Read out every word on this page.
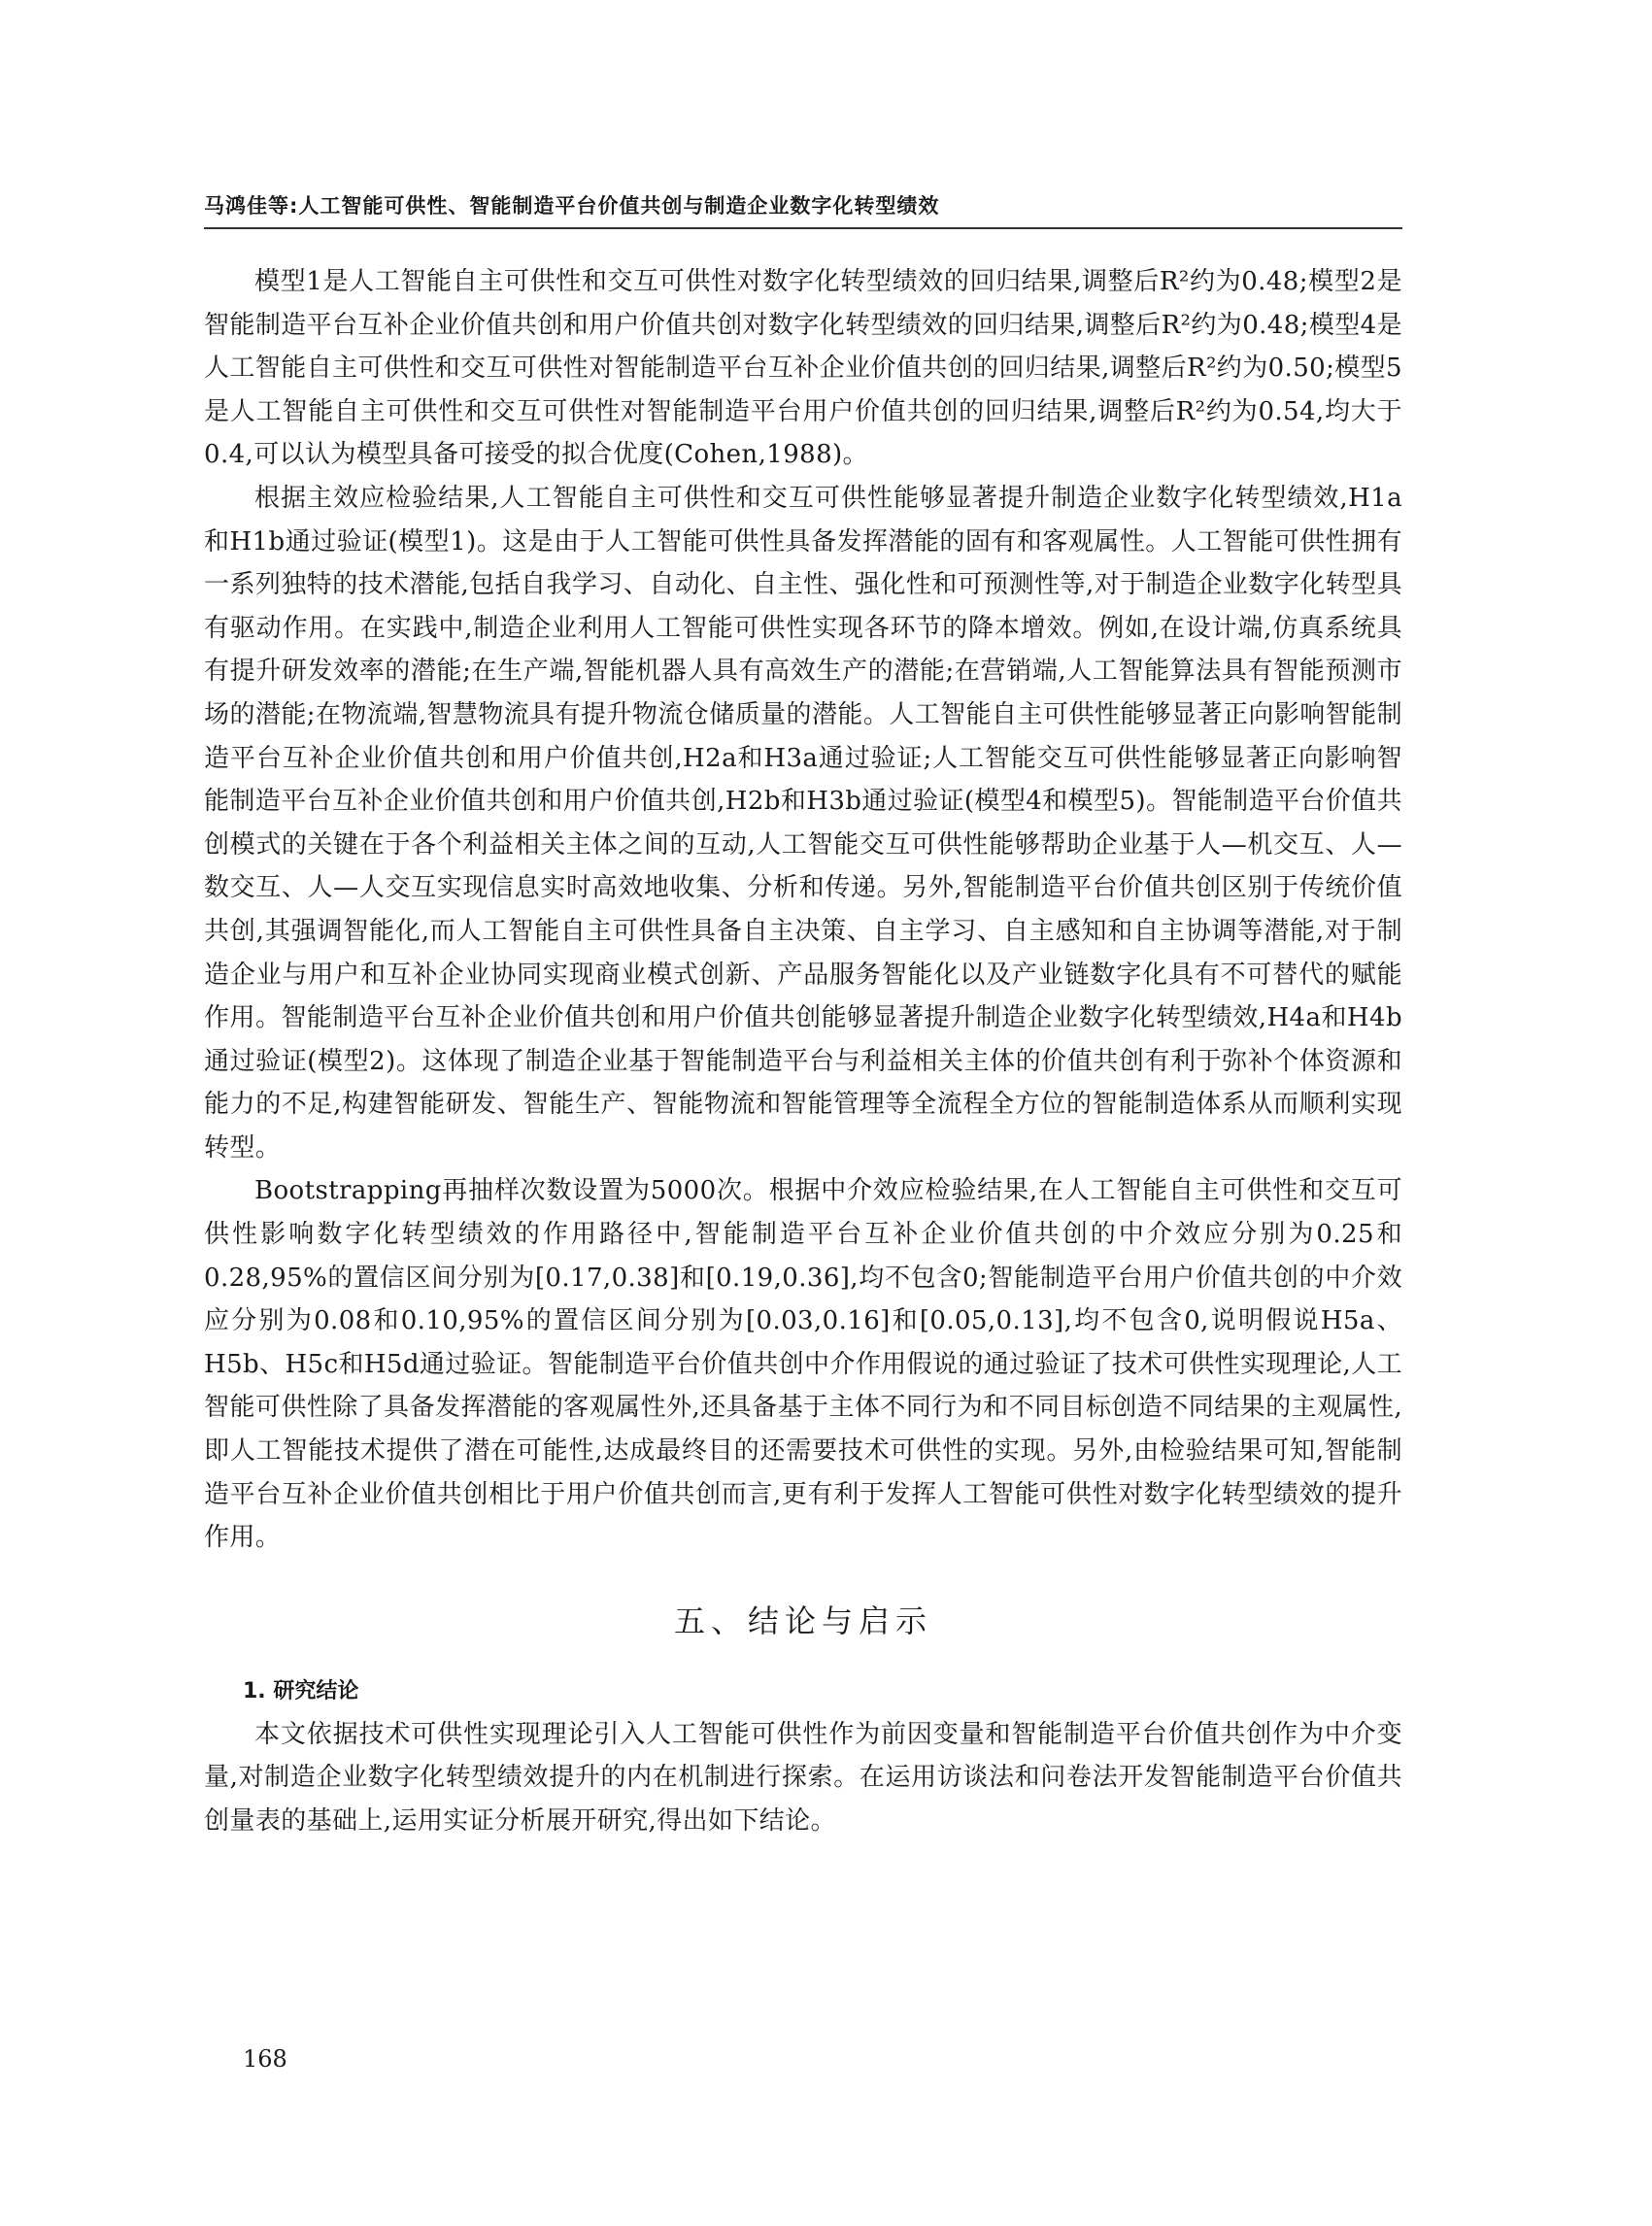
马鸿佳等:人工智能可供性、智能制造平台价值共创与制造企业数字化转型绩效

模型1是人工智能自主可供性和交互可供性对数字化转型绩效的回归结果,调整后R²约为0.48;模型2是智能制造平台互补企业价值共创和用户价值共创对数字化转型绩效的回归结果,调整后R²约为0.48;模型4是人工智能自主可供性和交互可供性对智能制造平台互补企业价值共创的回归结果,调整后R²约为0.50;模型5是人工智能自主可供性和交互可供性对智能制造平台用户价值共创的回归结果,调整后R²约为0.54,均大于0.4,可以认为模型具备可接受的拟合优度(Cohen,1988)。

根据主效应检验结果,人工智能自主可供性和交互可供性能够显著提升制造企业数字化转型绩效,H1a和H1b通过验证(模型1)。这是由于人工智能可供性具备发挥潜能的固有和客观属性。人工智能可供性拥有一系列独特的技术潜能,包括自我学习、自动化、自主性、强化性和可预测性等,对于制造企业数字化转型具有驱动作用。在实践中,制造企业利用人工智能可供性实现各环节的降本增效。例如,在设计端,仿真系统具有提升研发效率的潜能;在生产端,智能机器人具有高效生产的潜能;在营销端,人工智能算法具有智能预测市场的潜能;在物流端,智慧物流具有提升物流仓储质量的潜能。人工智能自主可供性能够显著正向影响智能制造平台互补企业价值共创和用户价值共创,H2a和H3a通过验证;人工智能交互可供性能够显著正向影响智能制造平台互补企业价值共创和用户价值共创,H2b和H3b通过验证(模型4和模型5)。智能制造平台价值共创模式的关键在于各个利益相关主体之间的互动,人工智能交互可供性能够帮助企业基于人—机交互、人—数交互、人—人交互实现信息实时高效地收集、分析和传递。另外,智能制造平台价值共创区别于传统价值共创,其强调智能化,而人工智能自主可供性具备自主决策、自主学习、自主感知和自主协调等潜能,对于制造企业与用户和互补企业协同实现商业模式创新、产品服务智能化以及产业链数字化具有不可替代的赋能作用。智能制造平台互补企业价值共创和用户价值共创能够显著提升制造企业数字化转型绩效,H4a和H4b通过验证(模型2)。这体现了制造企业基于智能制造平台与利益相关主体的价值共创有利于弥补个体资源和能力的不足,构建智能研发、智能生产、智能物流和智能管理等全流程全方位的智能制造体系从而顺利实现转型。

Bootstrapping再抽样次数设置为5000次。根据中介效应检验结果,在人工智能自主可供性和交互可供性影响数字化转型绩效的作用路径中,智能制造平台互补企业价值共创的中介效应分别为0.25和0.28,95%的置信区间分别为[0.17,0.38]和[0.19,0.36],均不包含0;智能制造平台用户价值共创的中介效应分别为0.08和0.10,95%的置信区间分别为[0.03,0.16]和[0.05,0.13],均不包含0,说明假说H5a、H5b、H5c和H5d通过验证。智能制造平台价值共创中介作用假说的通过验证了技术可供性实现理论,人工智能可供性除了具备发挥潜能的客观属性外,还具备基于主体不同行为和不同目标创造不同结果的主观属性,即人工智能技术提供了潜在可能性,达成最终目的还需要技术可供性的实现。另外,由检验结果可知,智能制造平台互补企业价值共创相比于用户价值共创而言,更有利于发挥人工智能可供性对数字化转型绩效的提升作用。

五、结论与启示
1. 研究结论

本文依据技术可供性实现理论引入人工智能可供性作为前因变量和智能制造平台价值共创作为中介变量,对制造企业数字化转型绩效提升的内在机制进行探索。在运用访谈法和问卷法开发智能制造平台价值共创量表的基础上,运用实证分析展开研究,得出如下结论。

168
